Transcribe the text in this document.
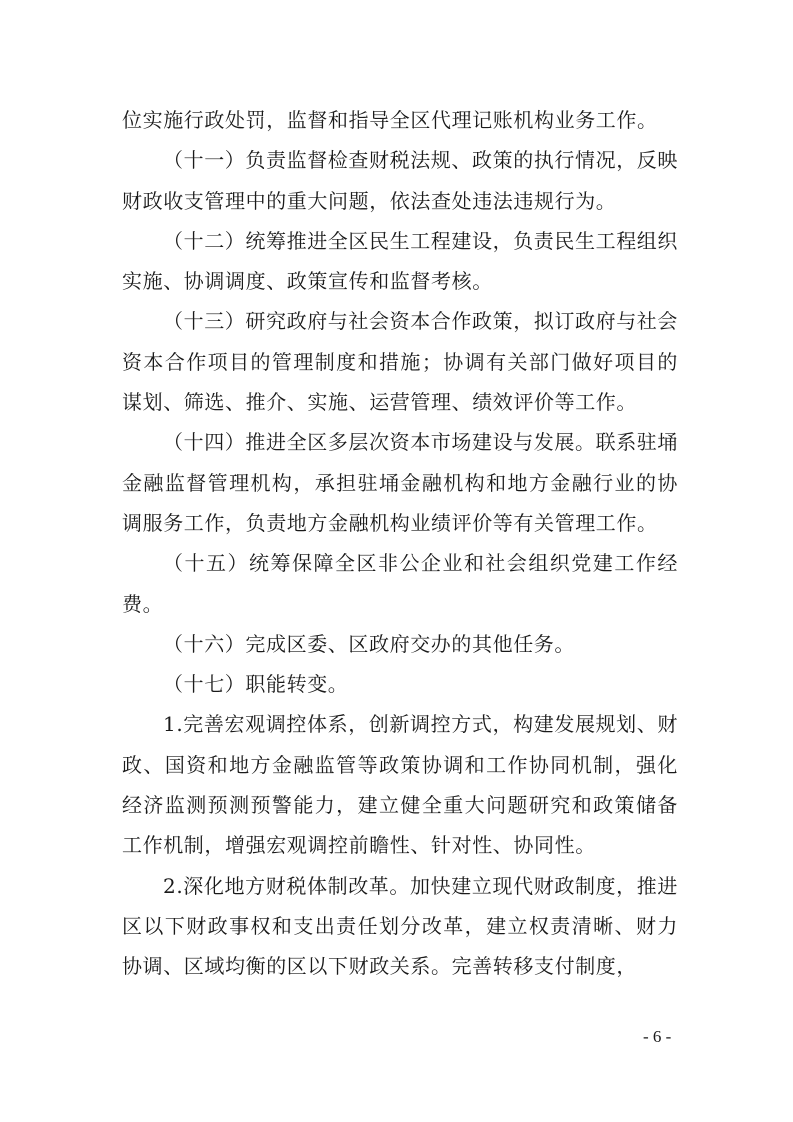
位实施行政处罚，监督和指导全区代理记账机构业务工作。

（十一）负责监督检查财税法规、政策的执行情况，反映财政收支管理中的重大问题，依法查处违法违规行为。

（十二）统筹推进全区民生工程建设，负责民生工程组织实施、协调调度、政策宣传和监督考核。

（十三）研究政府与社会资本合作政策，拟订政府与社会资本合作项目的管理制度和措施；协调有关部门做好项目的谋划、筛选、推介、实施、运营管理、绩效评价等工作。

（十四）推进全区多层次资本市场建设与发展。联系驻埇金融监督管理机构，承担驻埇金融机构和地方金融行业的协调服务工作，负责地方金融机构业绩评价等有关管理工作。

（十五）统筹保障全区非公企业和社会组织党建工作经费。

（十六）完成区委、区政府交办的其他任务。

（十七）职能转变。

1.完善宏观调控体系，创新调控方式，构建发展规划、财政、国资和地方金融监管等政策协调和工作协同机制，强化经济监测预测预警能力，建立健全重大问题研究和政策储备工作机制，增强宏观调控前瞻性、针对性、协同性。

2.深化地方财税体制改革。加快建立现代财政制度，推进区以下财政事权和支出责任划分改革，建立权责清晰、财力协调、区域均衡的区以下财政关系。完善转移支付制度，

- 6 -
